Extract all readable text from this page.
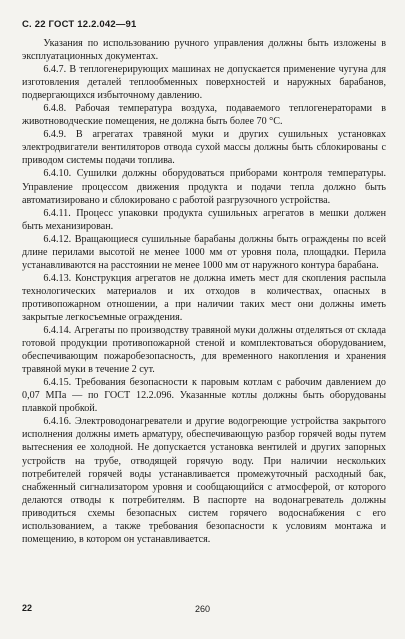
С. 22 ГОСТ 12.2.042—91

Указания по использованию ручного управления должны быть изложены в эксплуатационных документах.

6.4.7. В теплогенерирующих машинах не допускается применение чугуна для изготовления деталей теплообменных поверхностей и наружных барабанов, подвергающихся избыточному давлению.

6.4.8. Рабочая температура воздуха, подаваемого теплогенераторами в животноводческие помещения, не должна быть более 70 °С.

6.4.9. В агрегатах травяной муки и других сушильных установках электродвигатели вентиляторов отвода сухой массы должны быть сблокированы с приводом системы подачи топлива.

6.4.10. Сушилки должны оборудоваться приборами контроля температуры. Управление процессом движения продукта и подачи тепла должно быть автоматизировано и сблокировано с работой разгрузочного устройства.

6.4.11. Процесс упаковки продукта сушильных агрегатов в мешки должен быть механизирован.

6.4.12. Вращающиеся сушильные барабаны должны быть ограждены по всей длине перилами высотой не менее 1000 мм от уровня пола, площадки. Перила устанавливаются на расстоянии не менее 1000 мм от наружного контура барабана.

6.4.13. Конструкция агрегатов не должна иметь мест для скопления распыла технологических материалов и их отходов в количествах, опасных в противопожарном отношении, а при наличии таких мест они должны иметь закрытые легкосъемные ограждения.

6.4.14. Агрегаты по производству травяной муки должны отделяться от склада готовой продукции противопожарной стеной и комплектоваться оборудованием, обеспечивающим пожаробезопасность, для временного накопления и хранения травяной муки в течение 2 сут.

6.4.15. Требования безопасности к паровым котлам с рабочим давлением до 0,07 МПа — по ГОСТ 12.2.096. Указанные котлы должны быть оборудованы плавкой пробкой.

6.4.16. Электроводонагреватели и другие водогреющие устройства закрытого исполнения должны иметь арматуру, обеспечивающую разбор горячей воды путем вытеснения ее холодной. Не допускается установка вентилей и других запорных устройств на трубе, отводящей горячую воду. При наличии нескольких потребителей горячей воды устанавливается промежуточный расходный бак, снабженный сигнализатором уровня и сообщающийся с атмосферой, от которого делаются отводы к потребителям. В паспорте на водонагреватель должны приводиться схемы безопасных систем горячего водоснабжения с его использованием, а также требования безопасности к условиям монтажа и помещению, в котором он устанавливается.

22	260
